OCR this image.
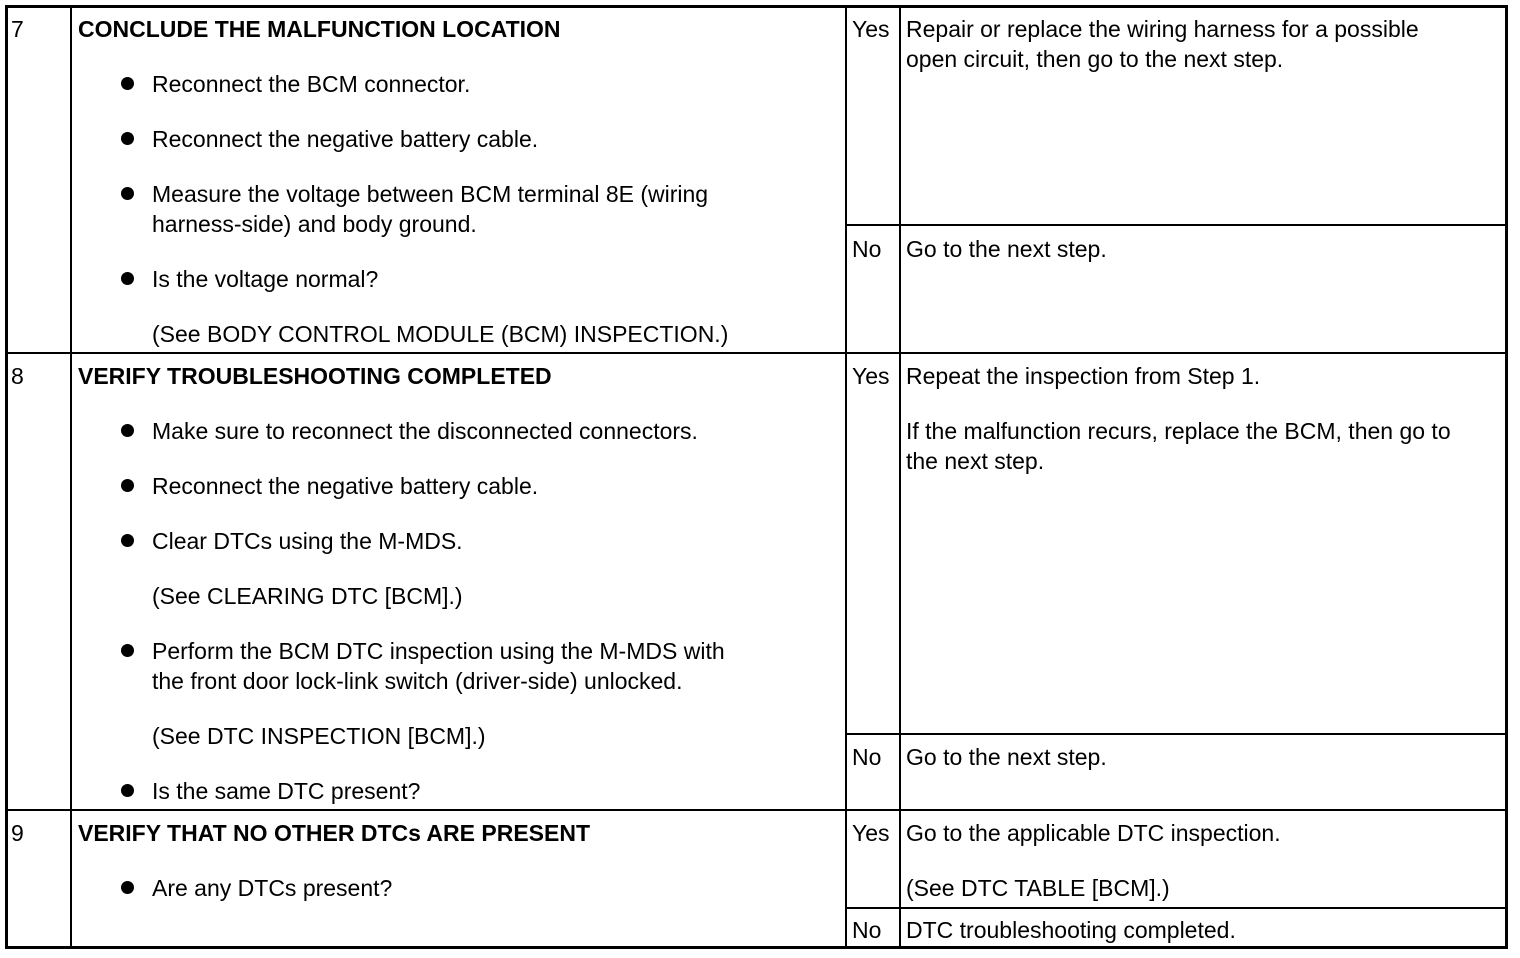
7 CONCLUDE THE MALFUNCTION LOCATION
Reconnect the BCM connector.
Reconnect the negative battery cable.
Measure the voltage between BCM terminal 8E (wiring
harness-side) and body ground.
Is the voltage normal?
(See BODY CONTROL MODULE (BCM) INSPECTION.)
Yes Repair or replace the wiring harness for a possible
open circuit, then go to the next step.
No Go to the next step.
8 VERIFY TROUBLESHOOTING COMPLETED
Make sure to reconnect the disconnected connectors.
Reconnect the negative battery cable.
Clear DTCs using the M-MDS.
(See CLEARING DTC [BCM].)
Perform the BCM DTC inspection using the M-MDS with
the front door lock-link switch (driver-side) unlocked.
(See DTC INSPECTION [BCM].)
Is the same DTC present?
Yes Repeat the inspection from Step 1.
If the malfunction recurs, replace the BCM, then go to
the next step.
No Go to the next step.
9 VERIFY THAT NO OTHER DTCs ARE PRESENT
Are any DTCs present?
Yes Go to the applicable DTC inspection.
(See DTC TABLE [BCM].)
No DTC troubleshooting completed.
